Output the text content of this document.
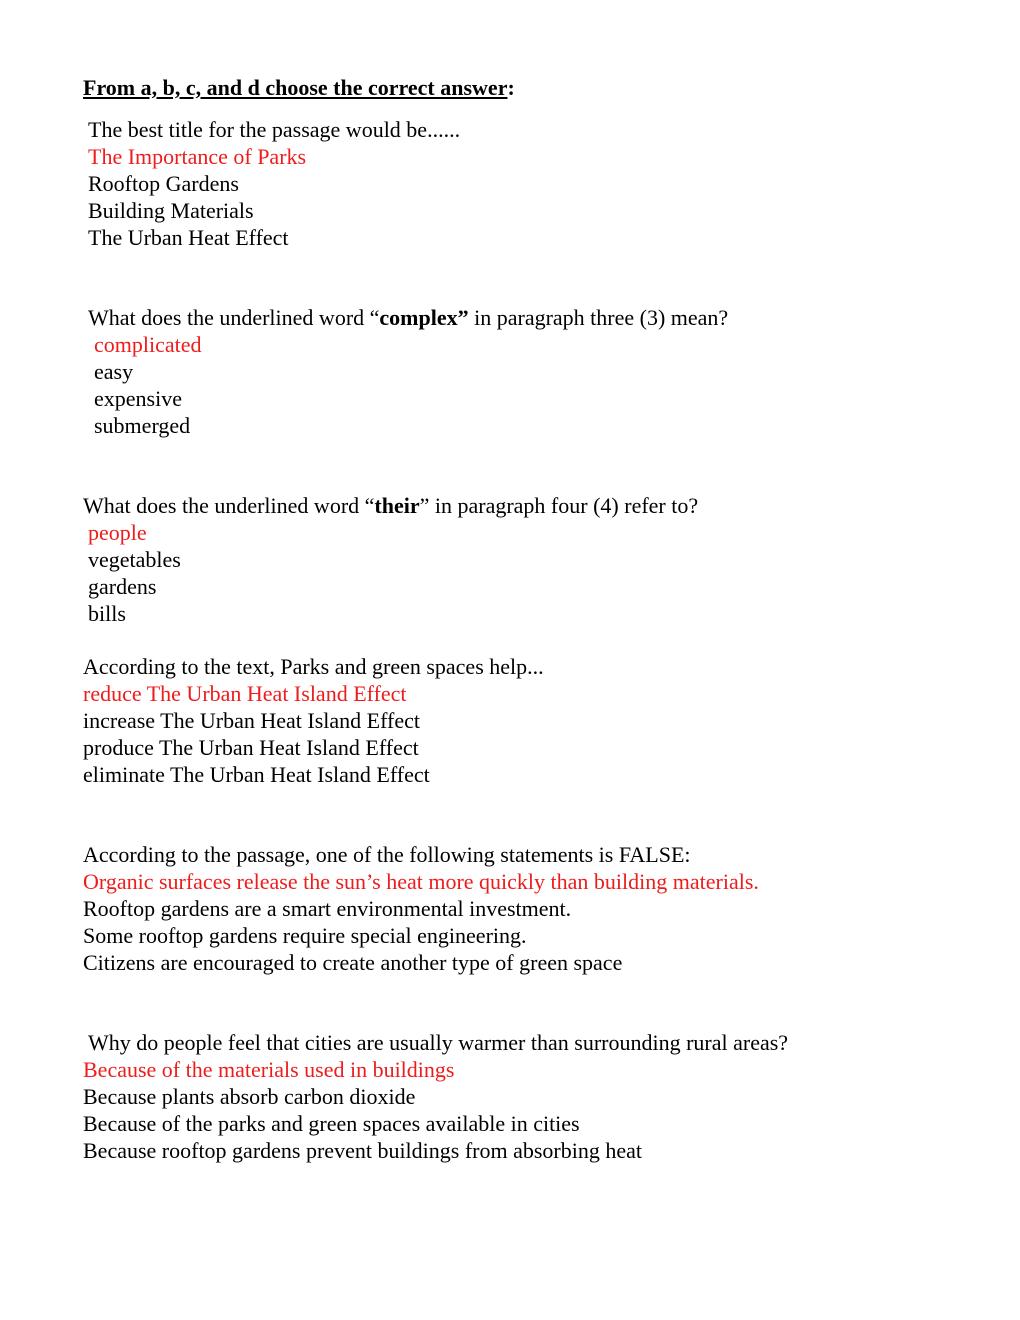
From a, b, c, and d choose the correct answer:
The best title for the passage would be......
The Importance of Parks
Rooftop Gardens
Building Materials
The Urban Heat Effect
What does the underlined word “complex” in paragraph three (3) mean?
complicated
easy
expensive
submerged
What does the underlined word “their” in paragraph four (4) refer to?
people
vegetables
gardens
bills
According to the text, Parks and green spaces help...
reduce The Urban Heat Island Effect
increase The Urban Heat Island Effect
produce The Urban Heat Island Effect
eliminate The Urban Heat Island Effect
According to the passage, one of the following statements is FALSE:
Organic surfaces release the sun’s heat more quickly than building materials.
Rooftop gardens are a smart environmental investment.
Some rooftop gardens require special engineering.
Citizens are encouraged to create another type of green space
Why do people feel that cities are usually warmer than surrounding rural areas?
Because of the materials used in buildings
Because plants absorb carbon dioxide
Because of the parks and green spaces available in cities
Because rooftop gardens prevent buildings from absorbing heat
